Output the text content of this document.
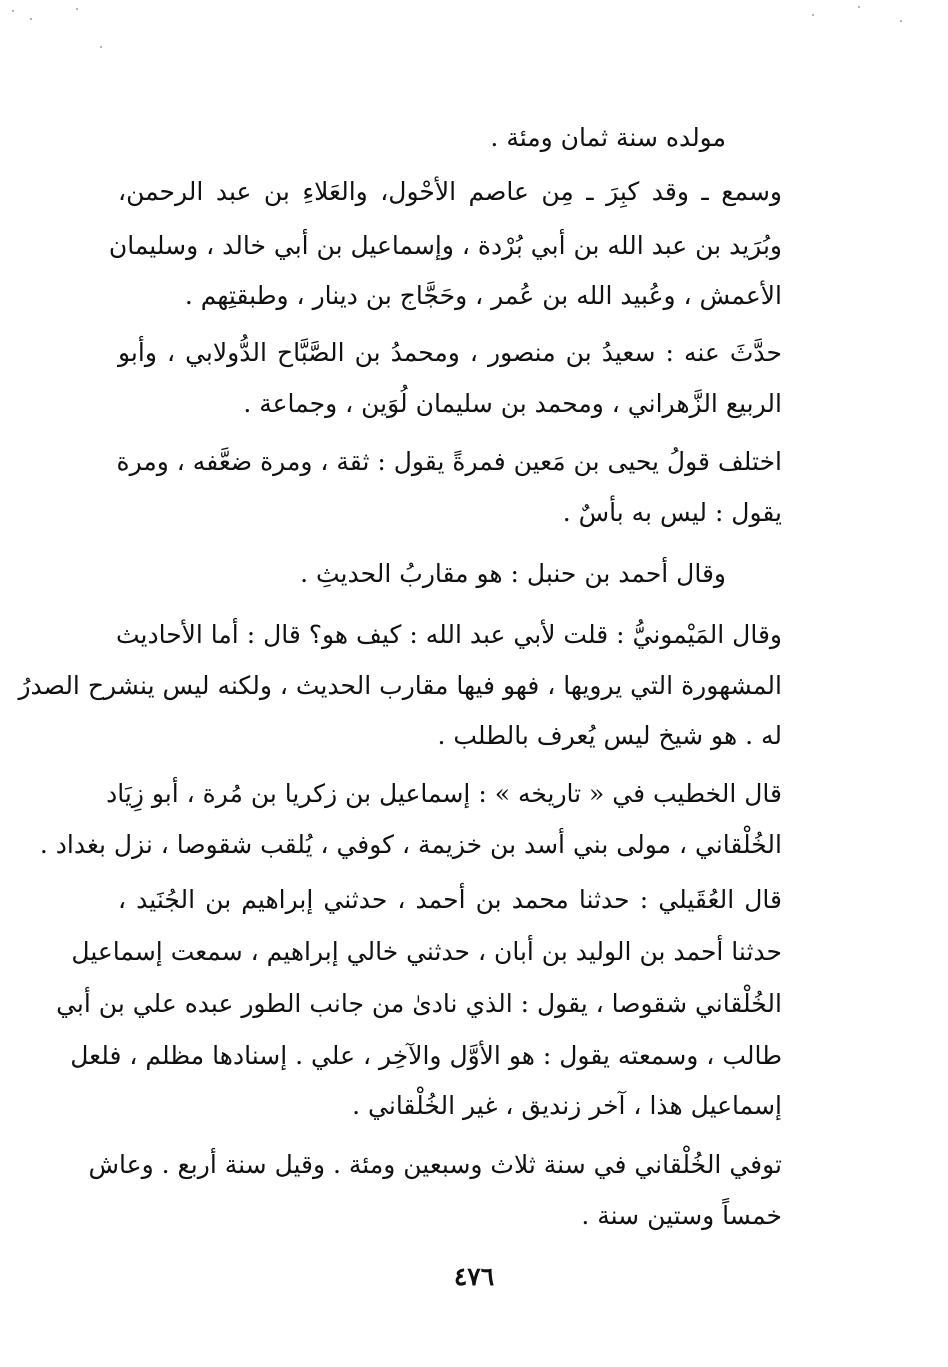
مولده سنة ثمان ومئة .
وسمع ـ وقد كبِرَ ـ مِن عاصم الأحْول، والعَلاءِ بن عبد الرحمن،
وبُرَيد بن عبد الله بن أبي بُرْدة ، وإسماعيل بن أبي خالد ، وسليمان
الأعمش ، وعُبيد الله بن عُمر ، وحَجَّاج بن دينار ، وطبقتِهم .
حدَّثَ عنه : سعيدُ بن منصور ، ومحمدُ بن الصَّبَّاح الدُّولابي ، وأبو
الربيع الزَّهراني ، ومحمد بن سليمان لُوَين ، وجماعة .
اختلف قولُ يحيى بن مَعين فمرةً يقول : ثقة ، ومرة ضعَّفه ، ومرة
يقول : ليس به بأسٌ .
وقال أحمد بن حنبل : هو مقاربُ الحديثِ .
وقال المَيْمونيُّ : قلت لأبي عبد الله : كيف هو؟ قال : أما الأحاديث
المشهورة التي يرويها ، فهو فيها مقارب الحديث ، ولكنه ليس ينشرح الصدرُ
له . هو شيخ ليس يُعرف بالطلب .
قال الخطيب في « تاريخه » : إسماعيل بن زكريا بن مُرة ، أبو زِيَاد
الخُلْقاني ، مولى بني أسد بن خزيمة ، كوفي ، يُلقب شقوصا ، نزل بغداد .
قال العُقَيلي : حدثنا محمد بن أحمد ، حدثني إبراهيم بن الجُنَيد ،
حدثنا أحمد بن الوليد بن أبان ، حدثني خالي إبراهيم ، سمعت إسماعيل
الخُلْقاني شقوصا ، يقول : الذي نادىٰ من جانب الطور عبده علي بن أبي
طالب ، وسمعته يقول : هو الأوَّل والآخِر ، علي . إسنادها مظلم ، فلعل
إسماعيل هذا ، آخر زنديق ، غير الخُلْقاني .
توفي الخُلْقاني في سنة ثلاث وسبعين ومئة . وقيل سنة أربع . وعاش
خمساً وستين سنة .
٤٧٦
